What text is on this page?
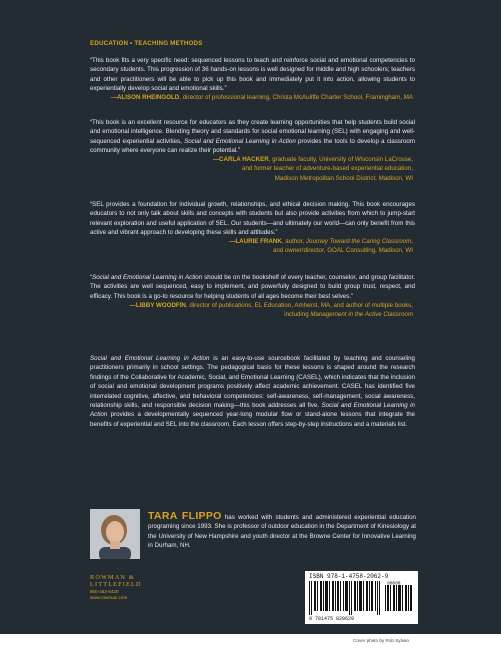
EDUCATION • TEACHING METHODS
“This book fits a very specific need: sequenced lessons to teach and reinforce social and emotional competencies to secondary students. This progression of 36 hands-on lessons is well designed for middle and high schoolers; teachers and other practitioners will be able to pick up this book and immediately put it into action, allowing students to experientially develop social and emotional skills.”
—ALISON RHEINGOLD, director of professional learning, Christa McAuliffe Charter School, Framingham, MA
“This book is an excellent resource for educators as they create learning opportunities that help students build social and emotional intelligence. Blending theory and standards for social emotional learning (SEL) with engaging and well-sequenced experiential activities, Social and Emotional Learning in Action provides the tools to develop a classroom community where everyone can realize their potential.”
—CARLA HACKER, graduate faculty, University of Wisconsin LaCrosse,
and former teacher of adventure-based experiential education,
Madison Metropolitan School District, Madison, WI
“SEL provides a foundation for individual growth, relationships, and ethical decision making. This book encourages educators to not only talk about skills and concepts with students but also provide activities from which to jump-start relevant exploration and useful application of SEL. Our students—and ultimately our world—can only benefit from this active and vibrant approach to developing these skills and attitudes.”
—LAURIE FRANK, author, Journey Toward the Caring Classroom,
and owner/director, GOAL Consulting, Madison, WI
“Social and Emotional Learning in Action should be on the bookshelf of every teacher, counselor, and group facilitator. The activities are well sequenced, easy to implement, and powerfully designed to build group trust, respect, and efficacy. This book is a go-to resource for helping students of all ages become their best selves.”
—LIBBY WOODFIN, director of publications, EL Education, Amherst, MA, and author of multiple books,
including Management in the Active Classroom
Social and Emotional Learning in Action is an easy-to-use sourcebook facilitated by teaching and counseling practitioners primarily in school settings. The pedagogical basis for these lessons is shaped around the research findings of the Collaborative for Academic, Social, and Emotional Learning (CASEL), which indicates that the inclusion of social and emotional development programs positively affect academic achievement. CASEL has identified five interrelated cognitive, affective, and behavioral competencies: self-awareness, self-management, social awareness, relationship skills, and responsible decision making—this book addresses all five. Social and Emotional Learning in Action provides a developmentally sequenced year-long modular flow or stand-alone lessons that integrate the benefits of experiential and SEL into the classroom. Each lesson offers step-by-step instructions and a materials list.
TARA FLIPPO has worked with students and administered experiential education programing since 1993. She is professor of outdoor education in the Department of Kinesiology at the University of New Hampshire and youth director at the Browne Center for Innovative Learning in Durham, NH.
ROWMAN &
LITTLEFIELD
800-462-6420
www.rowman.com
ISBN 978-1-4758-2062-9
90000
9 781475 820629
Cover photo by Rob Sylvan
